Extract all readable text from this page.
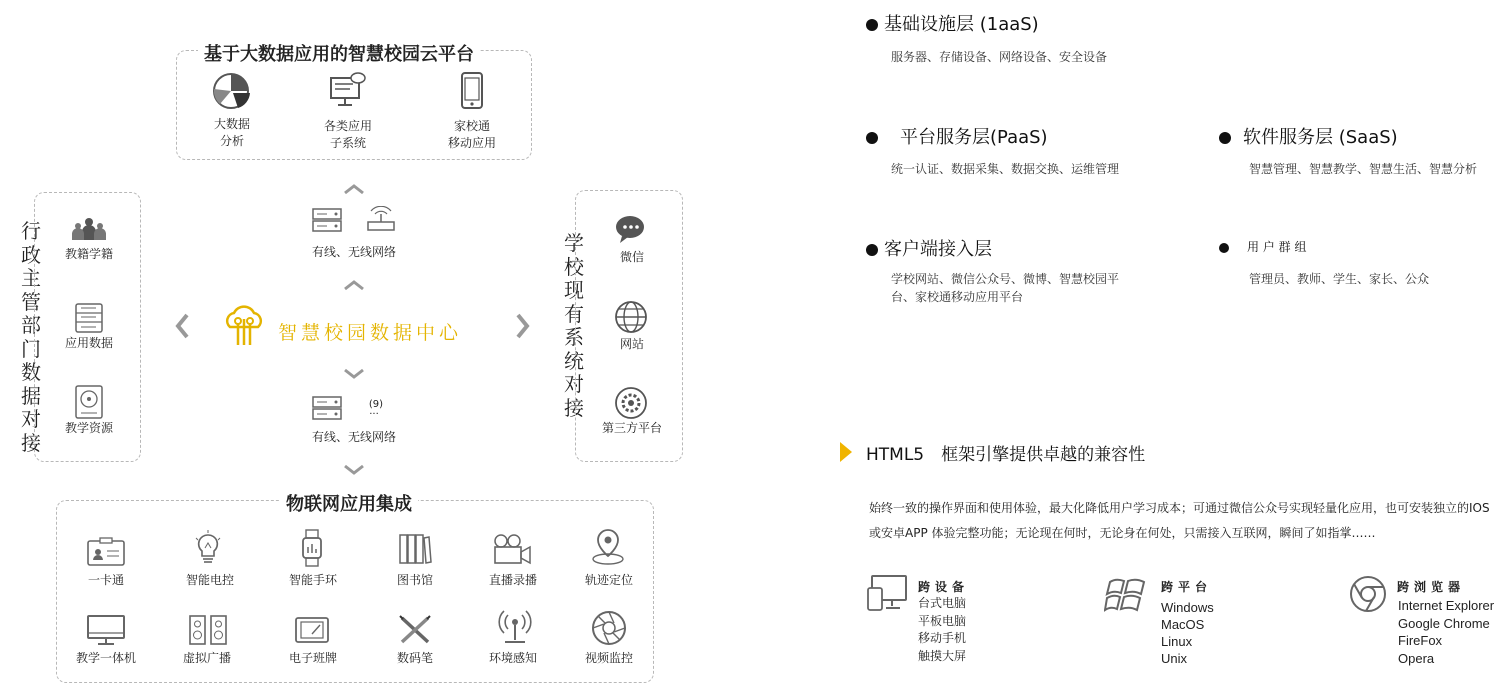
基于大数据应用的智慧校园云平台
大数据
分析
各类应用
子系统
家校通
移动应用
有线、无线网络
智慧校园数据中心
(9)
···
有线、无线网络
行政主管部门数据对接
教籍学籍
应用数据
教学资源
学校现有系统对接
微信
网站
第三方平台
物联网应用集成
一卡通	智能电控	智能手环	图书馆	直播录播	轨迹定位
教学一体机	虚拟广播	电子班牌	数码笔	环境感知	视频监控
基础设施层 (1aaS)
服务器、存储设备、网络设备、安全设备
平台服务层(PaaS)
统一认证、数据采集、数据交换、运维管理
软件服务层 (SaaS)
智慧管理、智慧教学、智慧生活、智慧分析
客户端接入层
学校网站、微信公众号、微博、智慧校园平
台、家校通移动应用平台
用 户 群 组
管理员、教师、学生、家长、公众
HTML5　框架引擎提供卓越的兼容性
始终一致的操作界面和使用体验，最大化降低用户学习成本；可通过微信公众号实现轻量化应用，也可安装独立的IOS或安卓APP 体验完整功能；无论现在何时，无论身在何处，只需接入互联网，瞬间了如指掌……
跨设备
台式电脑
平板电脑
移动手机
触摸大屏
跨平台
Windows
MacOS
Linux
Unix
跨浏览器
Internet Explorer
Google Chrome
FireFox
Opera
